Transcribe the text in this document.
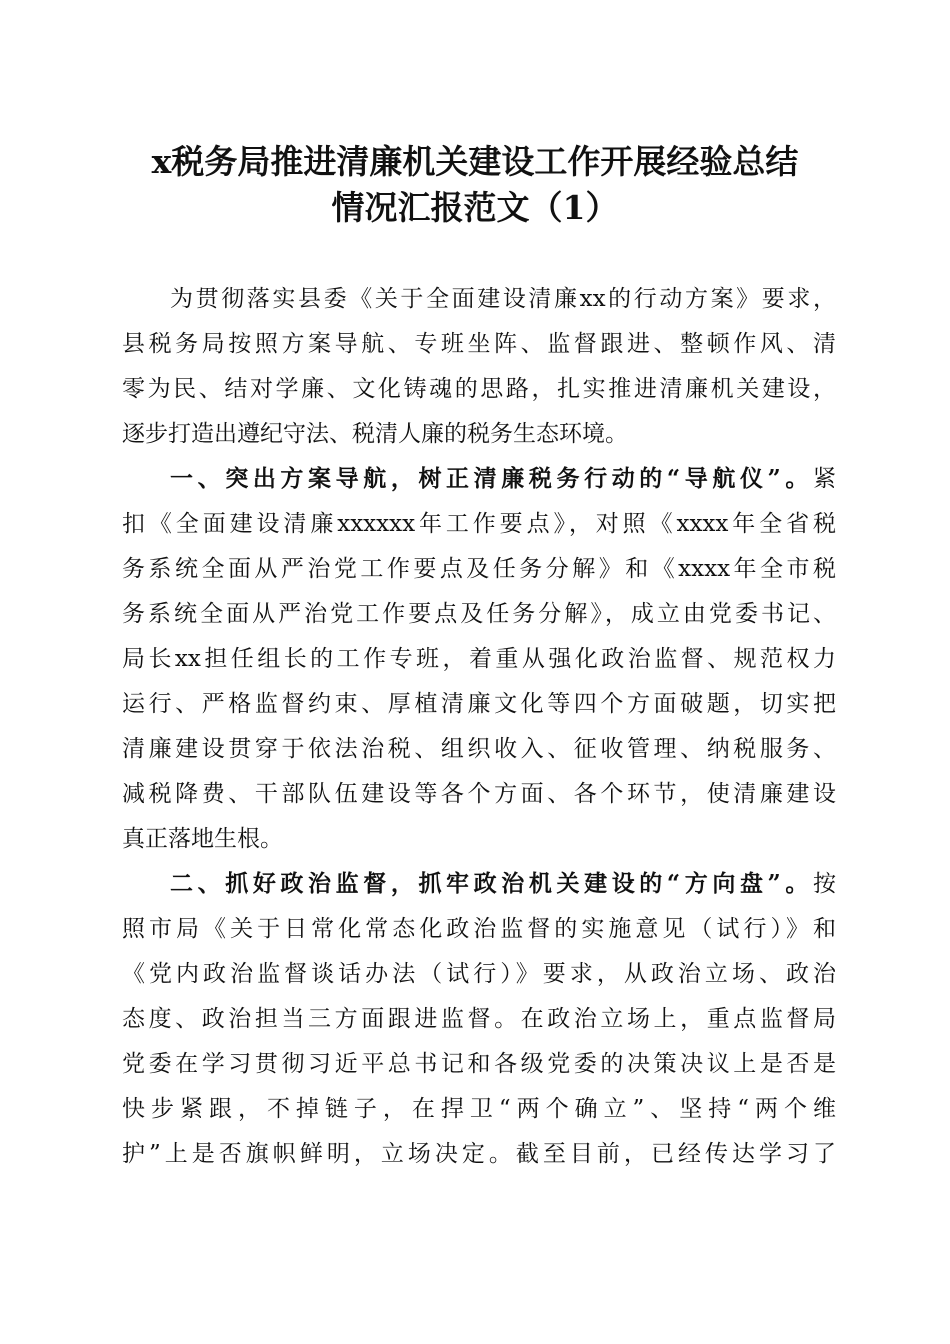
x税务局推进清廉机关建设工作开展经验总结
情况汇报范文（1）
为贯彻落实县委《关于全面建设清廉xx的行动方案》要求，
县税务局按照方案导航、专班坐阵、监督跟进、整顿作风、清
零为民、结对学廉、文化铸魂的思路，扎实推进清廉机关建设，
逐步打造出遵纪守法、税清人廉的税务生态环境。
一、突出方案导航，树正清廉税务行动的“导航仪”。紧
扣《全面建设清廉xxxxxx年工作要点》，对照《xxxx年全省税
务系统全面从严治党工作要点及任务分解》和《xxxx年全市税
务系统全面从严治党工作要点及任务分解》，成立由党委书记、
局长xx担任组长的工作专班，着重从强化政治监督、规范权力
运行、严格监督约束、厚植清廉文化等四个方面破题，切实把
清廉建设贯穿于依法治税、组织收入、征收管理、纳税服务、
减税降费、干部队伍建设等各个方面、各个环节，使清廉建设
真正落地生根。
二、抓好政治监督，抓牢政治机关建设的“方向盘”。按
照市局《关于日常化常态化政治监督的实施意见（试行）》和
《党内政治监督谈话办法（试行）》要求，从政治立场、政治
态度、政治担当三方面跟进监督。在政治立场上，重点监督局
党委在学习贯彻习近平总书记和各级党委的决策决议上是否是
快步紧跟，不掉链子，在捍卫“两个确立”、坚持“两个维
护”上是否旗帜鲜明，立场决定。截至目前，已经传达学习了
